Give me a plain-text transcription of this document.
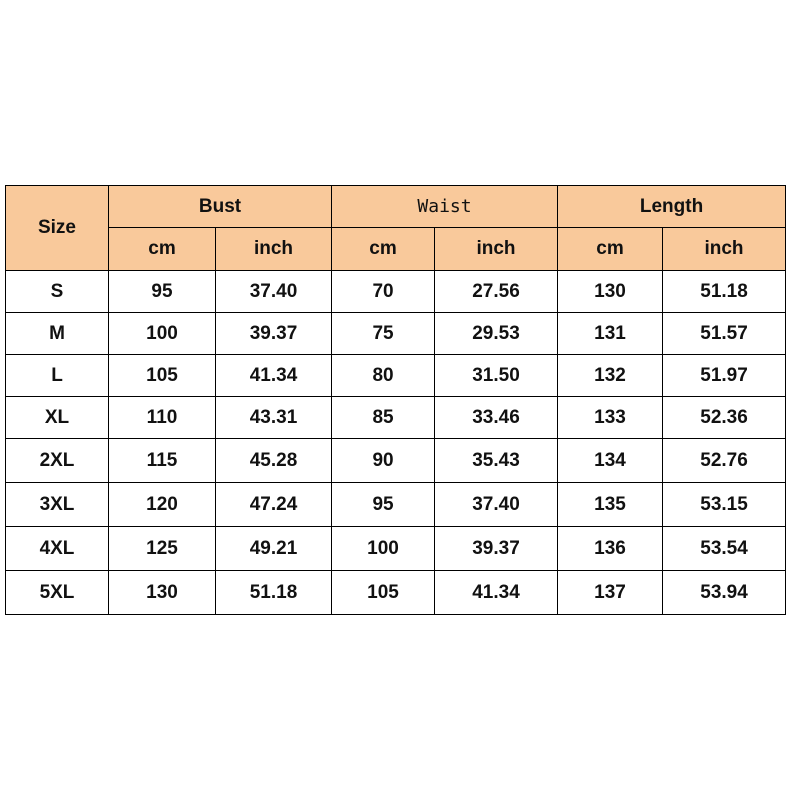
Size	Bust		Waist		Length	
	cm	inch	cm	inch	cm	inch
S	95	37.40	70	27.56	130	51.18
M	100	39.37	75	29.53	131	51.57
L	105	41.34	80	31.50	132	51.97
XL	110	43.31	85	33.46	133	52.36
2XL	115	45.28	90	35.43	134	52.76
3XL	120	47.24	95	37.40	135	53.15
4XL	125	49.21	100	39.37	136	53.54
5XL	130	51.18	105	41.34	137	53.94
